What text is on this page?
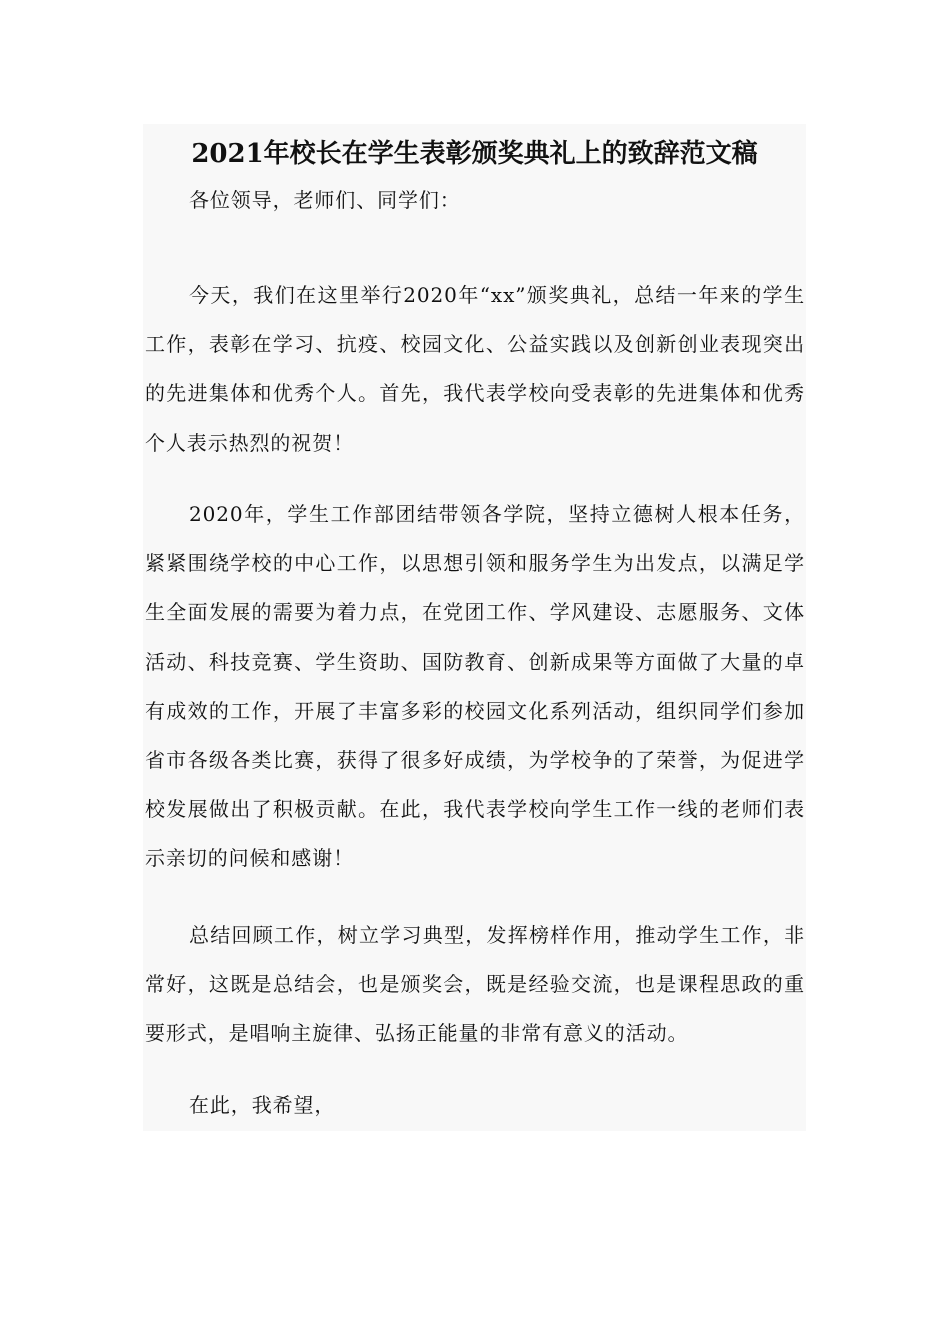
2021年校长在学生表彰颁奖典礼上的致辞范文稿

各位领导，老师们、同学们：

今天，我们在这里举行2020年“xx”颁奖典礼，总结一年来的学生工作，表彰在学习、抗疫、校园文化、公益实践以及创新创业表现突出的先进集体和优秀个人。首先，我代表学校向受表彰的先进集体和优秀个人表示热烈的祝贺！

2020年，学生工作部团结带领各学院，坚持立德树人根本任务，紧紧围绕学校的中心工作，以思想引领和服务学生为出发点，以满足学生全面发展的需要为着力点，在党团工作、学风建设、志愿服务、文体活动、科技竞赛、学生资助、国防教育、创新成果等方面做了大量的卓有成效的工作，开展了丰富多彩的校园文化系列活动，组织同学们参加省市各级各类比赛，获得了很多好成绩，为学校争的了荣誉，为促进学校发展做出了积极贡献。在此，我代表学校向学生工作一线的老师们表示亲切的问候和感谢！

总结回顾工作，树立学习典型，发挥榜样作用，推动学生工作，非常好，这既是总结会，也是颁奖会，既是经验交流，也是课程思政的重要形式，是唱响主旋律、弘扬正能量的非常有意义的活动。

在此，我希望，
